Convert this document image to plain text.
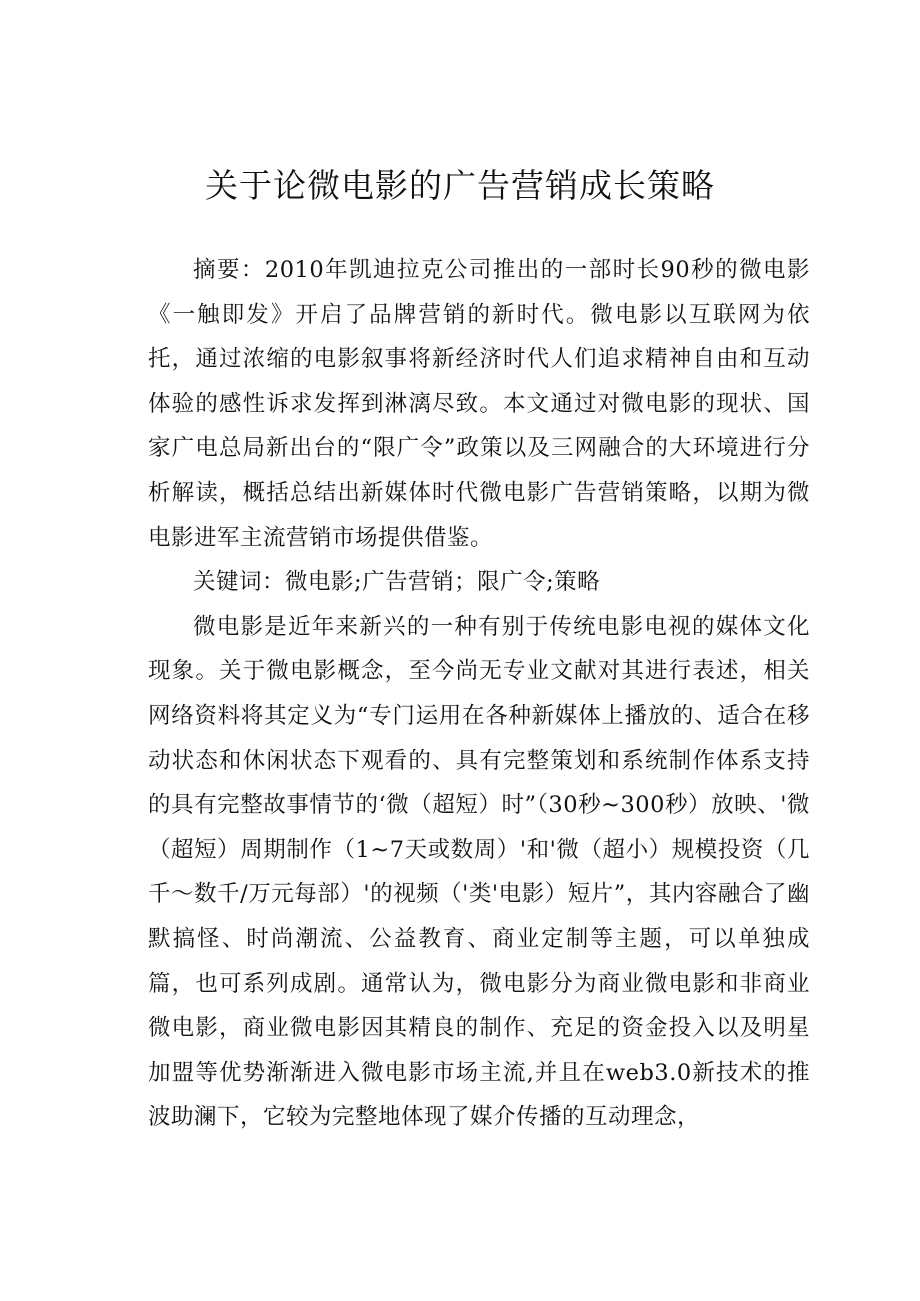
关于论微电影的广告营销成长策略

摘要：2010年凯迪拉克公司推出的一部时长90秒的微电影《一触即发》开启了品牌营销的新时代。微电影以互联网为依托，通过浓缩的电影叙事将新经济时代人们追求精神自由和互动体验的感性诉求发挥到淋漓尽致。本文通过对微电影的现状、国家广电总局新出台的“限广令”政策以及三网融合的大环境进行分析解读，概括总结出新媒体时代微电影广告营销策略，以期为微电影进军主流营销市场提供借鉴。

关键词：微电影;广告营销；限广令;策略

微电影是近年来新兴的一种有别于传统电影电视的媒体文化现象。关于微电影概念，至今尚无专业文献对其进行表述，相关网络资料将其定义为“专门运用在各种新媒体上播放的、适合在移动状态和休闲状态下观看的、具有完整策划和系统制作体系支持的具有完整故事情节的‘微（超短）时”（30秒~300秒）放映、'微（超短）周期制作（1~7天或数周）'和'微（超小）规模投资（几千～数千/万元每部）'的视频（'类'电影）短片”，其内容融合了幽默搞怪、时尚潮流、公益教育、商业定制等主题，可以单独成篇，也可系列成剧。通常认为，微电影分为商业微电影和非商业微电影，商业微电影因其精良的制作、充足的资金投入以及明星加盟等优势渐渐进入微电影市场主流,并且在web3.0新技术的推波助澜下，它较为完整地体现了媒介传播的互动理念，
